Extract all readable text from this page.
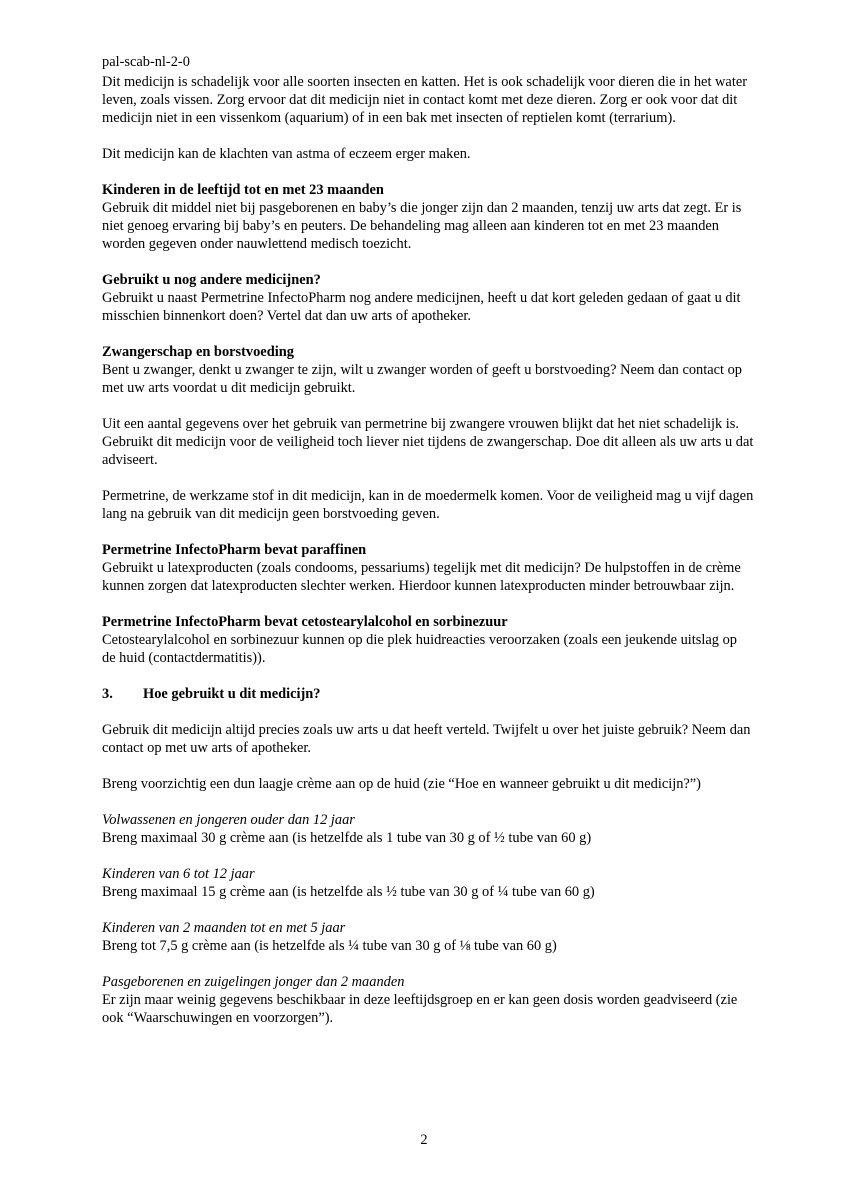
pal-scab-nl-2-0

Dit medicijn is schadelijk voor alle soorten insecten en katten. Het is ook schadelijk voor dieren die in het water leven, zoals vissen. Zorg ervoor dat dit medicijn niet in contact komt met deze dieren. Zorg er ook voor dat dit medicijn niet in een vissenkom (aquarium) of in een bak met insecten of reptielen komt (terrarium).

Dit medicijn kan de klachten van astma of eczeem erger maken.

Kinderen in de leeftijd tot en met 23 maanden

Gebruik dit middel niet bij pasgeborenen en baby’s die jonger zijn dan 2 maanden, tenzij uw arts dat zegt. Er is niet genoeg ervaring bij baby’s en peuters. De behandeling mag alleen aan kinderen tot en met 23 maanden worden gegeven onder nauwlettend medisch toezicht.

Gebruikt u nog andere medicijnen?

Gebruikt u naast Permetrine InfectoPharm nog andere medicijnen, heeft u dat kort geleden gedaan of gaat u dit misschien binnenkort doen? Vertel dat dan uw arts of apotheker.

Zwangerschap en borstvoeding

Bent u zwanger, denkt u zwanger te zijn, wilt u zwanger worden of geeft u borstvoeding? Neem dan contact op met uw arts voordat u dit medicijn gebruikt.

Uit een aantal gegevens over het gebruik van permetrine bij zwangere vrouwen blijkt dat het niet schadelijk is. Gebruikt dit medicijn voor de veiligheid toch liever niet tijdens de zwangerschap. Doe dit alleen als uw arts u dat adviseert.

Permetrine, de werkzame stof in dit medicijn, kan in de moedermelk komen. Voor de veiligheid mag u vijf dagen lang na gebruik van dit medicijn geen borstvoeding geven.

Permetrine InfectoPharm bevat paraffinen

Gebruikt u latexproducten (zoals condooms, pessariums) tegelijk met dit medicijn? De hulpstoffen in de crème kunnen zorgen dat latexproducten slechter werken. Hierdoor kunnen latexproducten minder betrouwbaar zijn.

Permetrine InfectoPharm bevat cetostearylalcohol en sorbinezuur

Cetostearylalcohol en sorbinezuur kunnen op die plek huidreacties veroorzaken (zoals een jeukende uitslag op de huid (contactdermatitis)).

3.	Hoe gebruikt u dit medicijn?

Gebruik dit medicijn altijd precies zoals uw arts u dat heeft verteld. Twijfelt u over het juiste gebruik? Neem dan contact op met uw arts of apotheker.

Breng voorzichtig een dun laagje crème aan op de huid (zie “Hoe en wanneer gebruikt u dit medicijn?”)

Volwassenen en jongeren ouder dan 12 jaar

Breng maximaal 30 g crème aan (is hetzelfde als 1 tube van 30 g of ½ tube van 60 g)

Kinderen van 6 tot 12 jaar

Breng maximaal 15 g crème aan (is hetzelfde als ½ tube van 30 g of ¼ tube van 60 g)

Kinderen van 2 maanden tot en met 5 jaar

Breng tot 7,5 g crème aan (is hetzelfde als ¼ tube van 30 g of ⅛ tube van 60 g)

Pasgeborenen en zuigelingen jonger dan 2 maanden

Er zijn maar weinig gegevens beschikbaar in deze leeftijdsgroep en er kan geen dosis worden geadviseerd (zie ook “Waarschuwingen en voorzorgen”).

2
